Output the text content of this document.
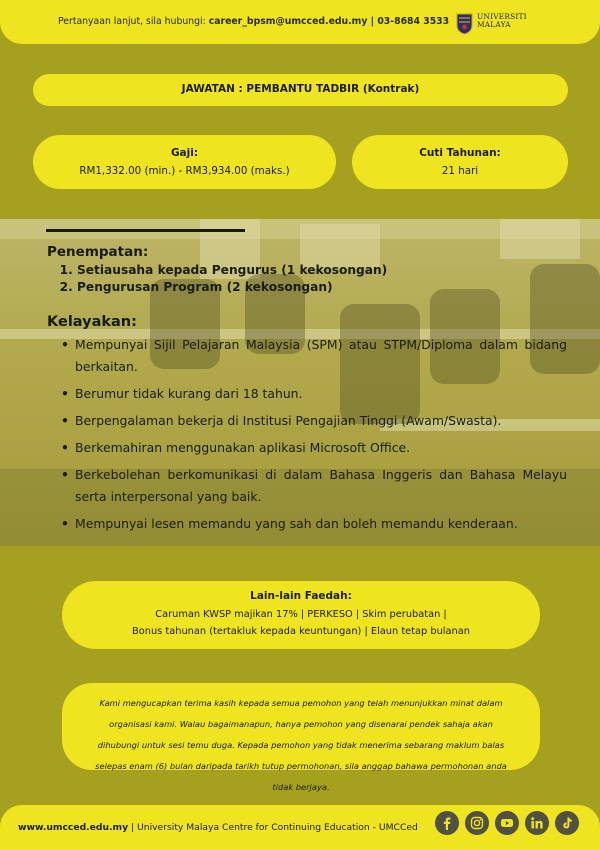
Pertanyaan lanjut, sila hubungi: career_bpsm@umcced.edu.my | 03-8684 3533	UNIVERSITI
MALAYA
JAWATAN : PEMBANTU TADBIR (Kontrak)
Gaji:
RM1,332.00 (min.) - RM3,934.00 (maks.)
Cuti Tahunan:
21 hari
Penempatan:
1. Setiausaha kepada Pengurus (1 kekosongan)
2. Pengurusan Program (2 kekosongan)
Kelayakan:
• Mempunyai Sijil Pelajaran Malaysia (SPM) atau STPM/Diploma dalam bidang berkaitan.
• Berumur tidak kurang dari 18 tahun.
• Berpengalaman bekerja di Institusi Pengajian Tinggi (Awam/Swasta).
• Berkemahiran menggunakan aplikasi Microsoft Office.
• Berkebolehan berkomunikasi di dalam Bahasa Inggeris dan Bahasa Melayu serta interpersonal yang baik.
• Mempunyai lesen memandu yang sah dan boleh memandu kenderaan.
Lain-lain Faedah:
Caruman KWSP majikan 17% | PERKESO | Skim perubatan |
Bonus tahunan (tertakluk kepada keuntungan) | Elaun tetap bulanan

Kami mengucapkan terima kasih kepada semua pemohon yang telah menunjukkan minat dalam organisasi kami. Walau bagaimanapun, hanya pemohon yang disenarai pendek sahaja akan dihubungi untuk sesi temu duga. Kepada pemohon yang tidak menerima sebarang maklum balas selepas enam (6) bulan daripada tarikh tutup permohonan, sila anggap bahawa permohonan anda tidak berjaya.

www.umcced.edu.my | University Malaya Centre for Continuing Education - UMCCed
